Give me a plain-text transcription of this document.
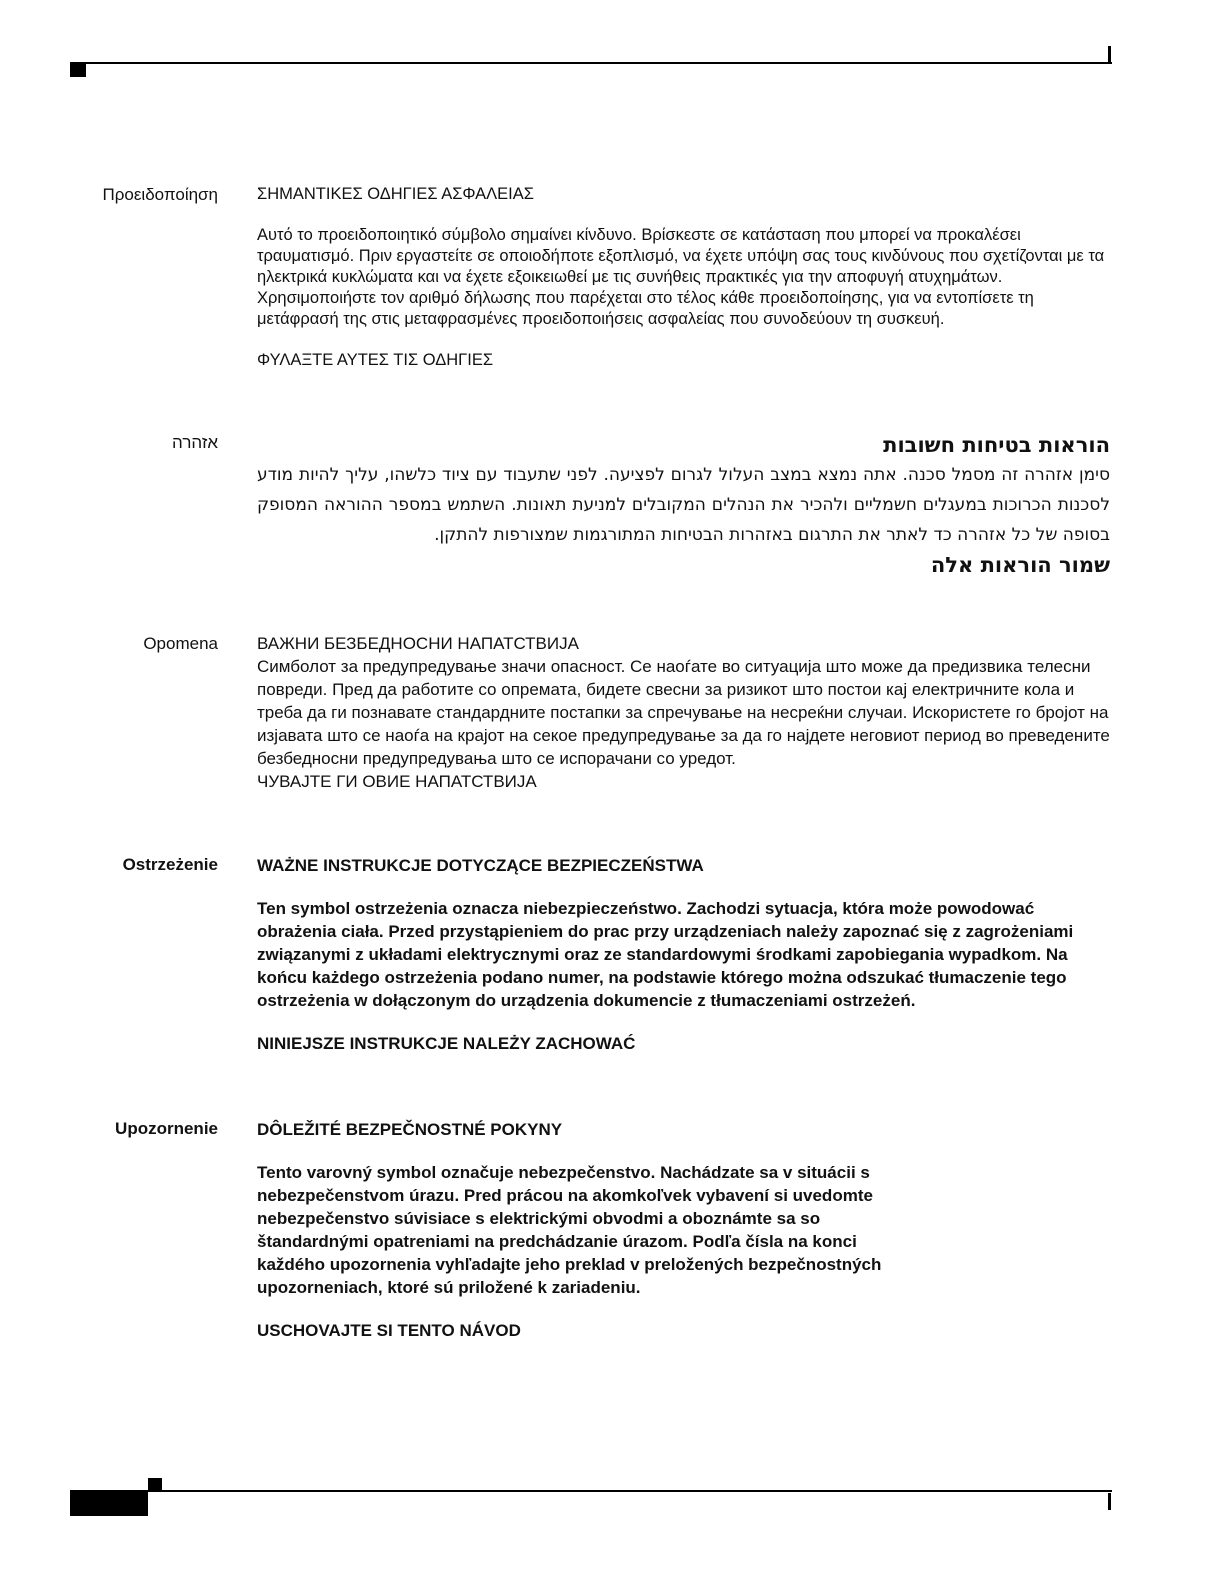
Προειδοποίηση ΣΗΜΑΝΤΙΚΕΣ ΟΔΗΓΙΕΣ ΑΣΦΑΛΕΙΑΣ

Αυτό το προειδοποιητικό σύμβολο σημαίνει κίνδυνο. Βρίσκεστε σε κατάσταση που μπορεί να προκαλέσει τραυματισμό. Πριν εργαστείτε σε οποιοδήποτε εξοπλισμό, να έχετε υπόψη σας τους κινδύνους που σχετίζονται με τα ηλεκτρικά κυκλώματα και να έχετε εξοικειωθεί με τις συνήθεις πρακτικές για την αποφυγή ατυχημάτων. Χρησιμοποιήστε τον αριθμό δήλωσης που παρέχεται στο τέλος κάθε προειδοποίησης, για να εντοπίσετε τη μετάφρασή της στις μεταφρασμένες προειδοποιήσεις ασφαλείας που συνοδεύουν τη συσκευή.

ΦΥΛΑΞΤΕ ΑΥΤΕΣ ΤΙΣ ΟΔΗΓΙΕΣ

אזהרה	הוראות בטיחות חשובות

סימן אזהרה זה מסמל סכנה. אתה נמצא במצב העלול לגרום לפציעה. לפני שתעבוד עם ציוד כלשהו, עליך להיות מודע לסכנות הכרוכות במעגלים חשמליים ולהכיר את הנהלים המקובלים למניעת תאונות. השתמש במספר ההוראה המסופק בסופה של כל אזהרה כד לאתר את התרגום באזהרות הבטיחות המתורגמות שמצורפות להתקן.

שמור הוראות אלה

Opomena ВАЖНИ БЕЗБЕДНОСНИ НАПАТСТВИЈА

Симболот за предупредување значи опасност. Се наоѓате во ситуација што може да предизвика телесни повреди. Пред да работите со опремата, бидете свесни за ризикот што постои кај електричните кола и треба да ги познавате стандардните постапки за спречување на несреќни случаи. Искористете го бројот на изјавата што се наоѓа на крајот на секое предупредување за да го најдете неговиот период во преведените безбедносни предупредувања што се испорачани со уредот.

ЧУВАЈТЕ ГИ ОВИЕ НАПАТСТВИЈА

Ostrzeżenie WAŻNE INSTRUKCJE DOTYCZĄCE BEZPIECZEŃSTWA

Ten symbol ostrzeżenia oznacza niebezpieczeństwo. Zachodzi sytuacja, która może powodować obrażenia ciała. Przed przystąpieniem do prac przy urządzeniach należy zapoznać się z zagrożeniami związanymi z układami elektrycznymi oraz ze standardowymi środkami zapobiegania wypadkom. Na końcu każdego ostrzeżenia podano numer, na podstawie którego można odszukać tłumaczenie tego ostrzeżenia w dołączonym do urządzenia dokumencie z tłumaczeniami ostrzeżeń.

NINIEJSZE INSTRUKCJE NALEŻY ZACHOWAĆ

Upozornenie DÔLEŽITÉ BEZPEČNOSTNÉ POKYNY

Tento varovný symbol označuje nebezpečenstvo. Nachádzate sa v situácii s nebezpečenstvom úrazu. Pred prácou na akomkoľvek vybavení si uvedomte nebezpečenstvo súvisiace s elektrickými obvodmi a oboznámte sa so štandardnými opatreniami na predchádzanie úrazom. Podľa čísla na konci každého upozornenia vyhľadajte jeho preklad v preložených bezpečnostných upozorneniach, ktoré sú priložené k zariadeniu.

USCHOVAJTE SI TENTO NÁVOD
